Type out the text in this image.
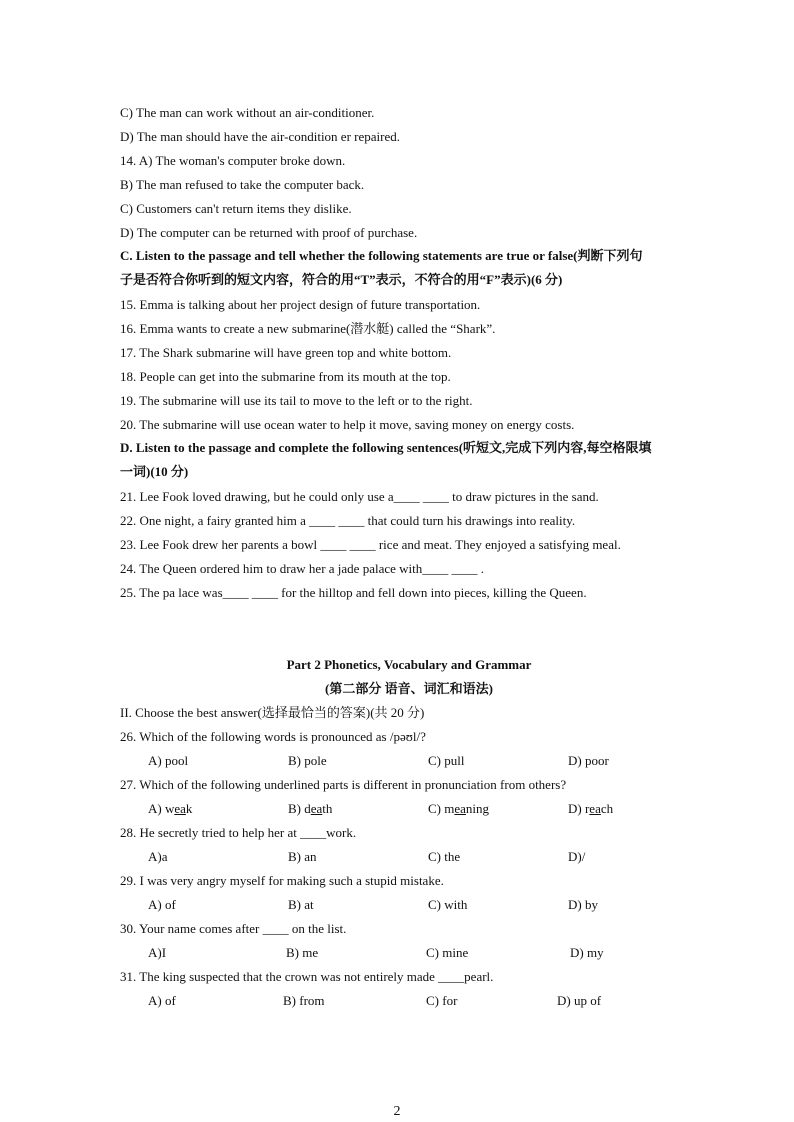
C) The man can work without an air-conditioner.
D) The man should have the air-condition er repaired.
14. A) The woman's computer broke down.
B) The man refused to take the computer back.
C) Customers can't return items they dislike.
D) The computer can be returned with proof of purchase.
C. Listen to the passage and tell whether the following statements are true or false(判断下列句
子是否符合你听到的短文内容，符合的用“T”表示，不符合的用“F”表示)(6 分)
15. Emma is talking about her project design of future transportation.
16. Emma wants to create a new submarine(潜水艇) called the “Shark”.
17. The Shark submarine will have green top and white bottom.
18. People can get into the submarine from its mouth at the top.
19. The submarine will use its tail to move to the left or to the right.
20. The submarine will use ocean water to help it move, saving money on energy costs.
D. Listen to the passage and complete the following sentences(听短文,完成下列内容,每空格限填
一词)(10 分)
21. Lee Fook loved drawing, but he could only use a____ ____ to draw pictures in the sand.
22. One night, a fairy granted him a ____ ____ that could turn his drawings into reality.
23. Lee Fook drew her parents a bowl ____ ____ rice and meat. They enjoyed a satisfying meal.
24. The Queen ordered him to draw her a jade palace with____ ____ .
25. The pa lace was____ ____ for the hilltop and fell down into pieces, killing the Queen.
Part 2 Phonetics, Vocabulary and Grammar
(第二部分 语音、词汇和语法)
II. Choose the best answer(选择最恰当的答案)(共 20 分)
26. Which of the following words is pronounced as /pəʊl/?
A) pool	B) pole	C) pull	D) poor
27. Which of the following underlined parts is different in pronunciation from others?
A) weak	B) death	C) meaning	D) reach
28. He secretly tried to help her at ____work.
A)a	B) an	C) the	D)/
29. I was very angry myself for making such a stupid mistake.
A) of	B) at	C) with	D) by
30. Your name comes after ____ on the list.
A)I	B) me	C) mine	D) my
31. The king suspected that the crown was not entirely made ____pearl.
A) of	B) from	C) for	D) up of
2
